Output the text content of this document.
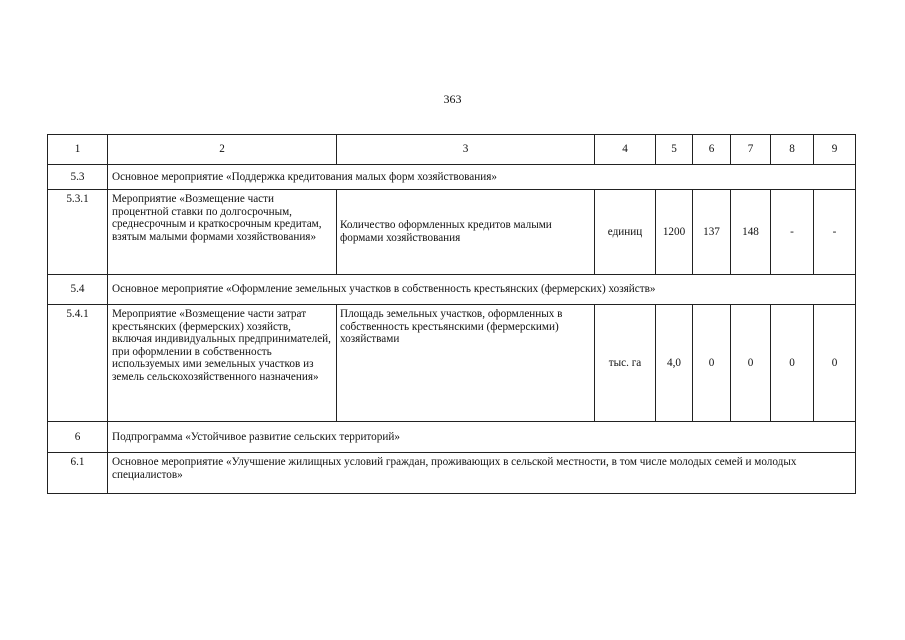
363
1	2	3	4	5	6	7	8	9
5.3	Основное мероприятие «Поддержка кредитования малых форм хозяйствования»							
5.3.1	Мероприятие «Возмещение части процентной ставки по долгосрочным, среднесрочным и краткосрочным кредитам, взятым малыми формами хозяйствования»	Количество оформленных кредитов малыми формами хозяйствования	единиц	1200	137	148	-	-
5.4	Основное мероприятие «Оформление земельных участков в собственность крестьянских (фермерских) хозяйств»							
5.4.1	Мероприятие «Возмещение части затрат крестьянских (фермерских) хозяйств, включая индивидуальных предпринимателей, при оформлении в собственность используемых ими земельных участков из земель сельскохозяйственного назначения»	Площадь земельных участков, оформленных в собственность крестьянскими (фермерскими) хозяйствами	тыс. га	4,0	0	0	0	0
6	Подпрограмма «Устойчивое развитие сельских территорий»							
6.1	Основное мероприятие «Улучшение жилищных условий граждан, проживающих в сельской местности, в том числе молодых семей и молодых специалистов»							
